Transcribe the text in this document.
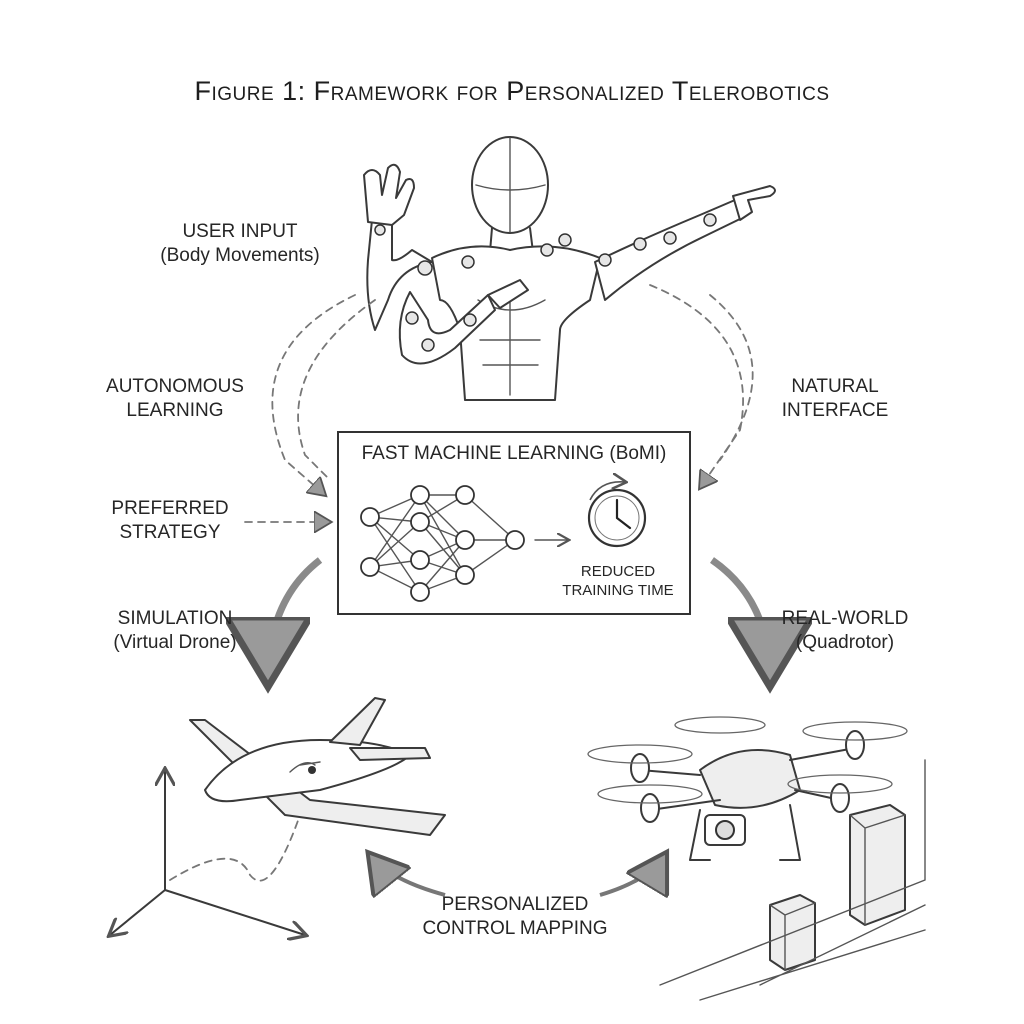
Figure 1: Framework for Personalized Telerobotics
USER INPUT
(Body Movements)
AUTONOMOUS
LEARNING
NATURAL
INTERFACE
PREFERRED
STRATEGY
FAST MACHINE LEARNING (BoMI)
REDUCED
TRAINING TIME
SIMULATION
(Virtual Drone)
REAL-WORLD
(Quadrotor)
PERSONALIZED
CONTROL MAPPING
